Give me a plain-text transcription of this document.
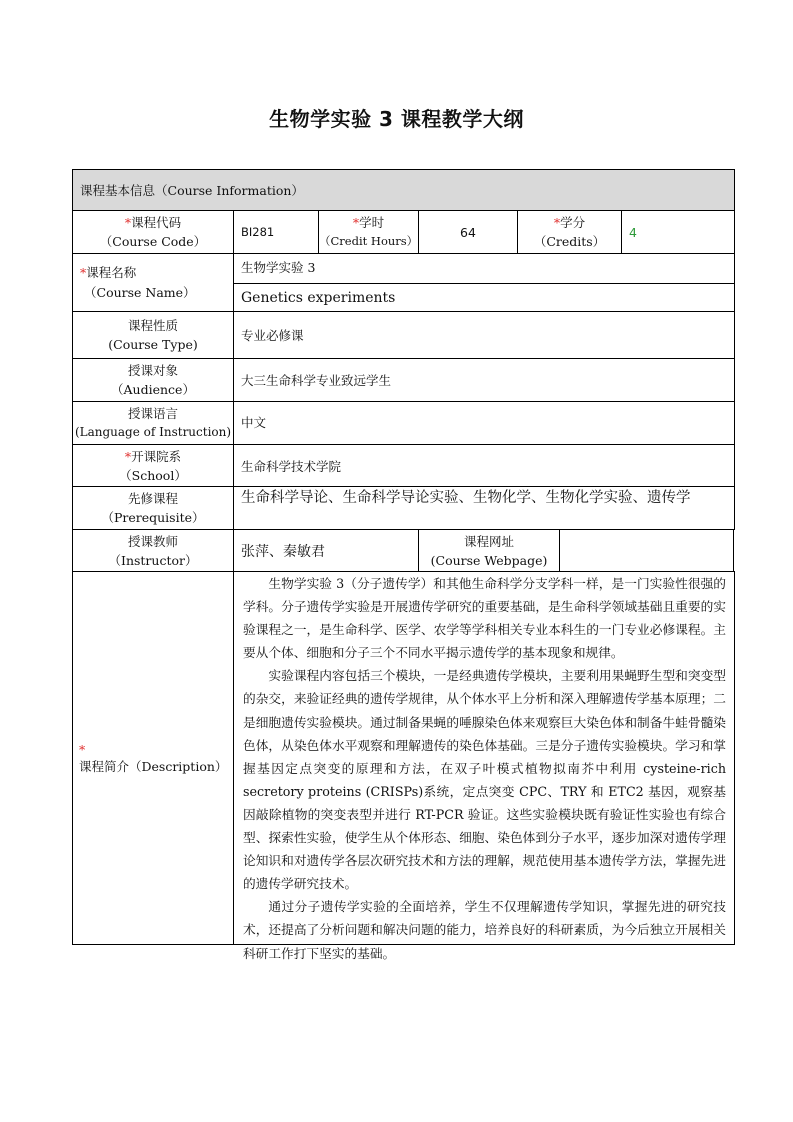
生物学实验 3 课程教学大纲
课程基本信息（Course Information）
*课程代码
（Course Code）
BI281
*学时
（Credit Hours）
64
*学分
（Credits）
4
*课程名称
（Course Name）
生物学实验 3
Genetics experiments
课程性质
(Course Type)
专业必修课
授课对象
（Audience）
大三生命科学专业致远学生
授课语言
(Language of Instruction)
中文
*开课院系
（School）
生命科学技术学院
先修课程
（Prerequisite）
生命科学导论、生命科学导论实验、生物化学、生物化学实验、遗传学
授课教师
（Instructor）
张萍、秦敏君
课程网址
(Course Webpage)
*课程简介（Description）

生物学实验 3（分子遗传学）和其他生命科学分支学科一样，是一门实验性很强的学科。分子遗传学实验是开展遗传学研究的重要基础，是生命科学领域基础且重要的实验课程之一，是生命科学、医学、农学等学科相关专业本科生的一门专业必修课程。主要从个体、细胞和分子三个不同水平揭示遗传学的基本现象和规律。

实验课程内容包括三个模块，一是经典遗传学模块，主要利用果蝇野生型和突变型的杂交，来验证经典的遗传学规律，从个体水平上分析和深入理解遗传学基本原理；二是细胞遗传实验模块。通过制备果蝇的唾腺染色体来观察巨大染色体和制备牛蛙骨髓染色体，从染色体水平观察和理解遗传的染色体基础。三是分子遗传实验模块。学习和掌握基因定点突变的原理和方法，在双子叶模式植物拟南芥中利用 cysteine-rich secretory proteins (CRISPs)系统，定点突变 CPC、TRY 和 ETC2 基因，观察基因敲除植物的突变表型并进行 RT-PCR 验证。这些实验模块既有验证性实验也有综合型、探索性实验，使学生从个体形态、细胞、染色体到分子水平，逐步加深对遗传学理论知识和对遗传学各层次研究技术和方法的理解，规范使用基本遗传学方法，掌握先进的遗传学研究技术。

通过分子遗传学实验的全面培养，学生不仅理解遗传学知识，掌握先进的研究技术，还提高了分析问题和解决问题的能力，培养良好的科研素质，为今后独立开展相关科研工作打下坚实的基础。
